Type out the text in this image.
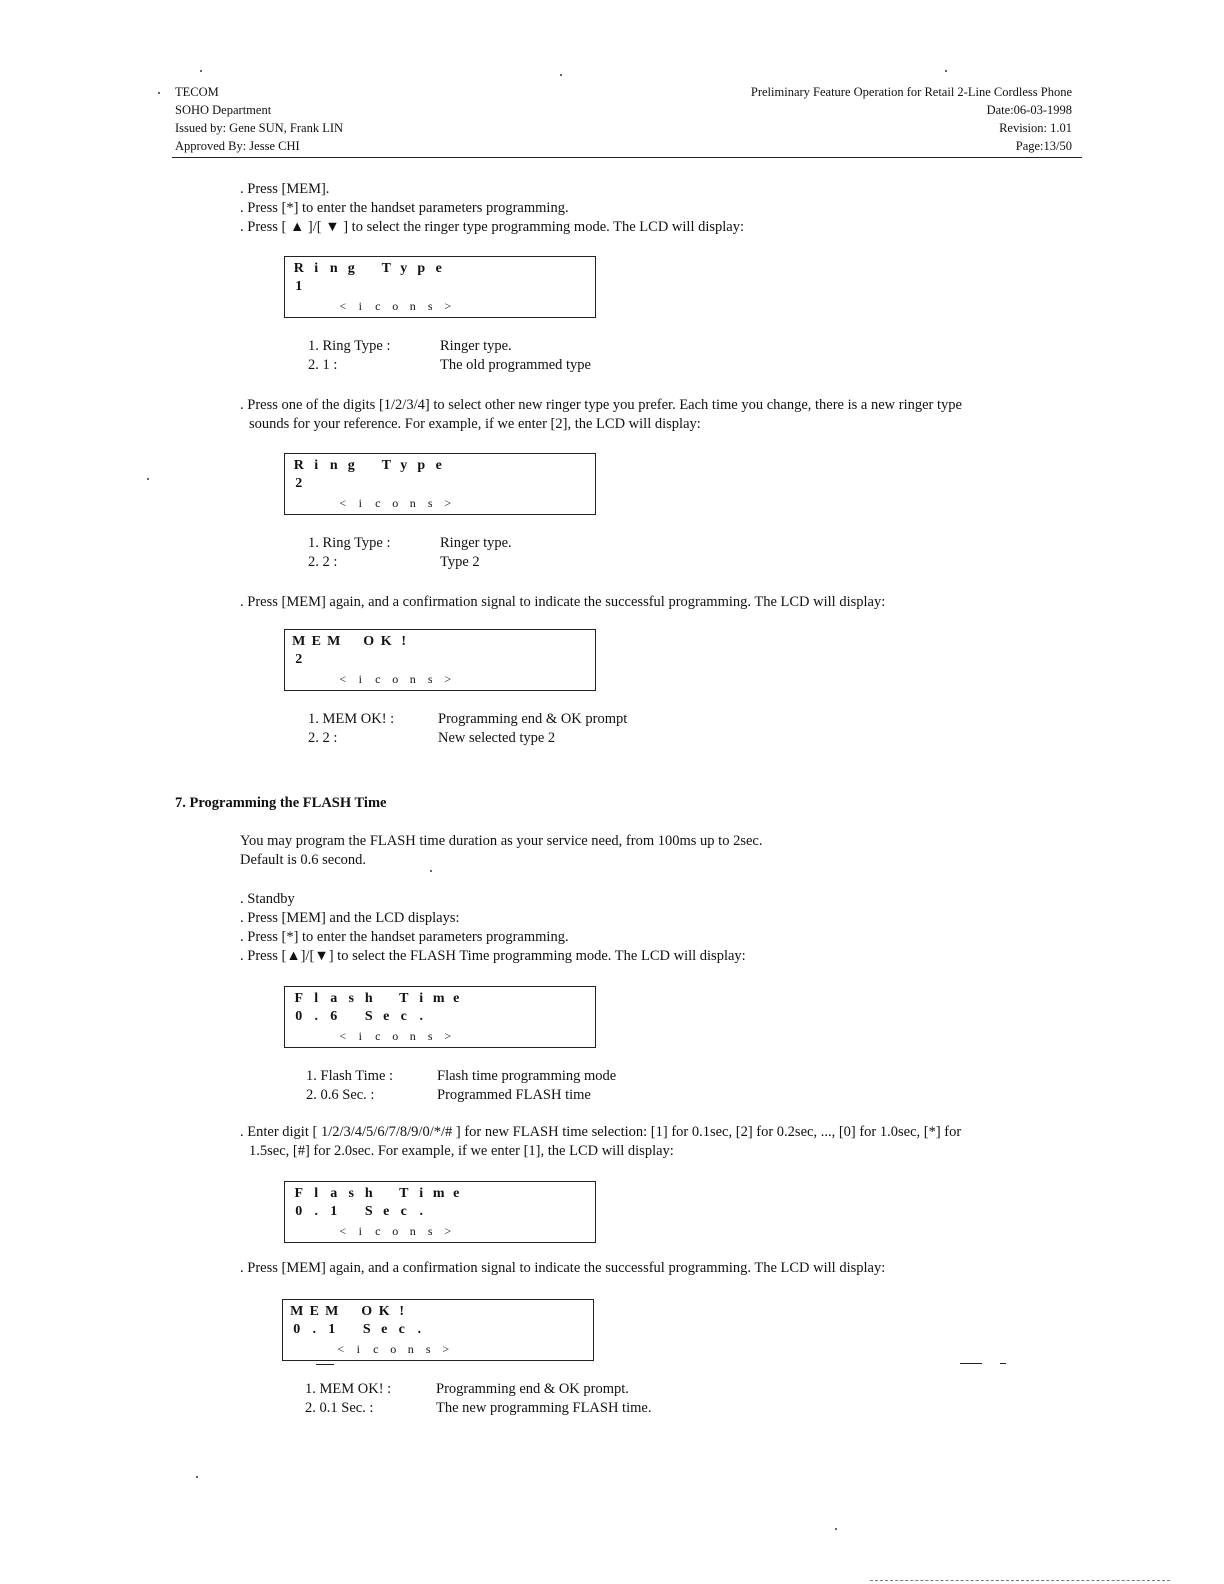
TECOM
SOHO Department
Issued by: Gene SUN, Frank LIN
Approved By: Jesse CHI
Preliminary Feature Operation for Retail 2-Line Cordless Phone
Date:06-03-1998
Revision: 1.01
Page:13/50
. Press [MEM].
. Press [*] to enter the handset parameters programming.
. Press [ ▲ ]/[ ▼ ] to select the ringer type programming mode. The LCD will display:
R i n g T y p e
1
< i c o n s >
1. Ring Type :	Ringer type.
2. 1 :	The old programmed type
. Press one of the digits [1/2/3/4] to select other new ringer type you prefer. Each time you change, there is a new ringer type
sounds for your reference. For example, if we enter [2], the LCD will display:
R i n g T y p e
2
< i c o n s >
1. Ring Type :	Ringer type.
2. 2 :	Type 2
. Press [MEM] again, and a confirmation signal to indicate the successful programming. The LCD will display:
M E M O K !
2
< i c o n s >
1. MEM OK! :	Programming end & OK prompt
2. 2 :	New selected type 2
7. Programming the FLASH Time
You may program the FLASH time duration as your service need, from 100ms up to 2sec.
Default is 0.6 second.
. Standby
. Press [MEM] and the LCD displays:
. Press [*] to enter the handset parameters programming.
. Press [▲]/[▼] to select the FLASH Time programming mode. The LCD will display:
F l a s h T i m e
0 . 6 S e c .
< i c o n s >
1. Flash Time :	Flash time programming mode
2. 0.6 Sec. :	Programmed FLASH time
. Enter digit [ 1/2/3/4/5/6/7/8/9/0/*/# ] for new FLASH time selection: [1] for 0.1sec, [2] for 0.2sec, ..., [0] for 1.0sec, [*] for
1.5sec, [#] for 2.0sec. For example, if we enter [1], the LCD will display:
F l a s h T i m e
0 . 1 S e c .
< i c o n s >
. Press [MEM] again, and a confirmation signal to indicate the successful programming. The LCD will display:
M E M O K !
0 . 1 S e c .
< i c o n s >
1. MEM OK! :	Programming end & OK prompt.
2. 0.1 Sec. :	The new programming FLASH time.
